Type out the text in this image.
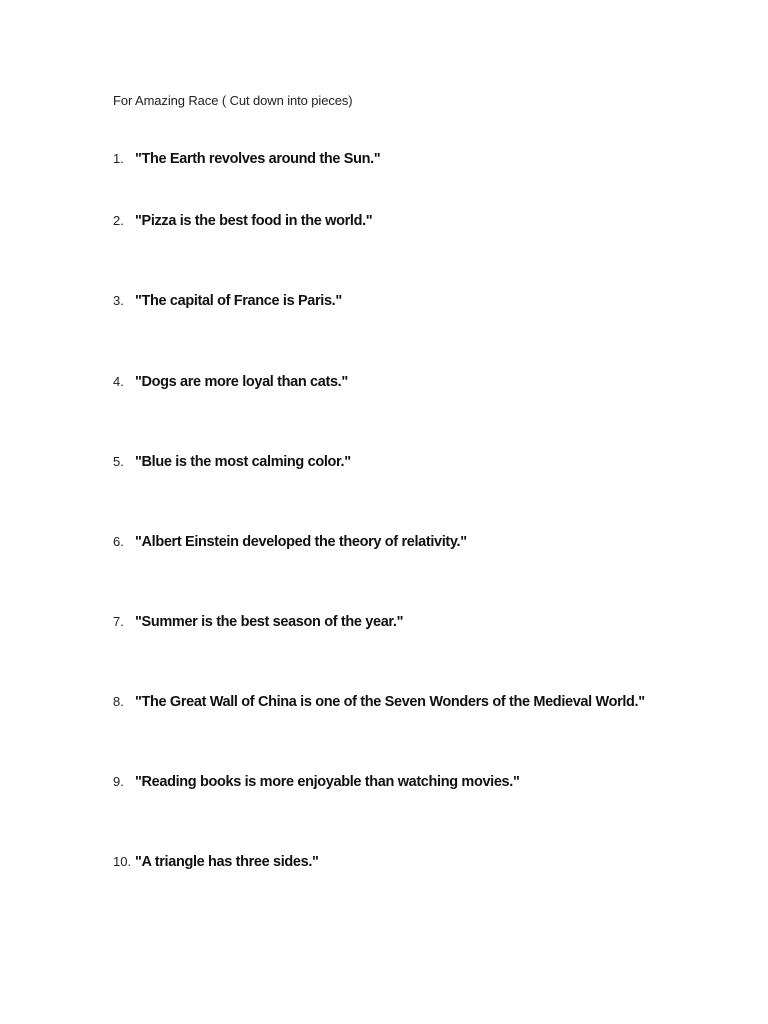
For Amazing Race ( Cut down into pieces)
1. "The Earth revolves around the Sun."
2. "Pizza is the best food in the world."
3. "The capital of France is Paris."
4. "Dogs are more loyal than cats."
5. "Blue is the most calming color."
6. "Albert Einstein developed the theory of relativity."
7. "Summer is the best season of the year."
8. "The Great Wall of China is one of the Seven Wonders of the Medieval World."
9. "Reading books is more enjoyable than watching movies."
10. "A triangle has three sides."
